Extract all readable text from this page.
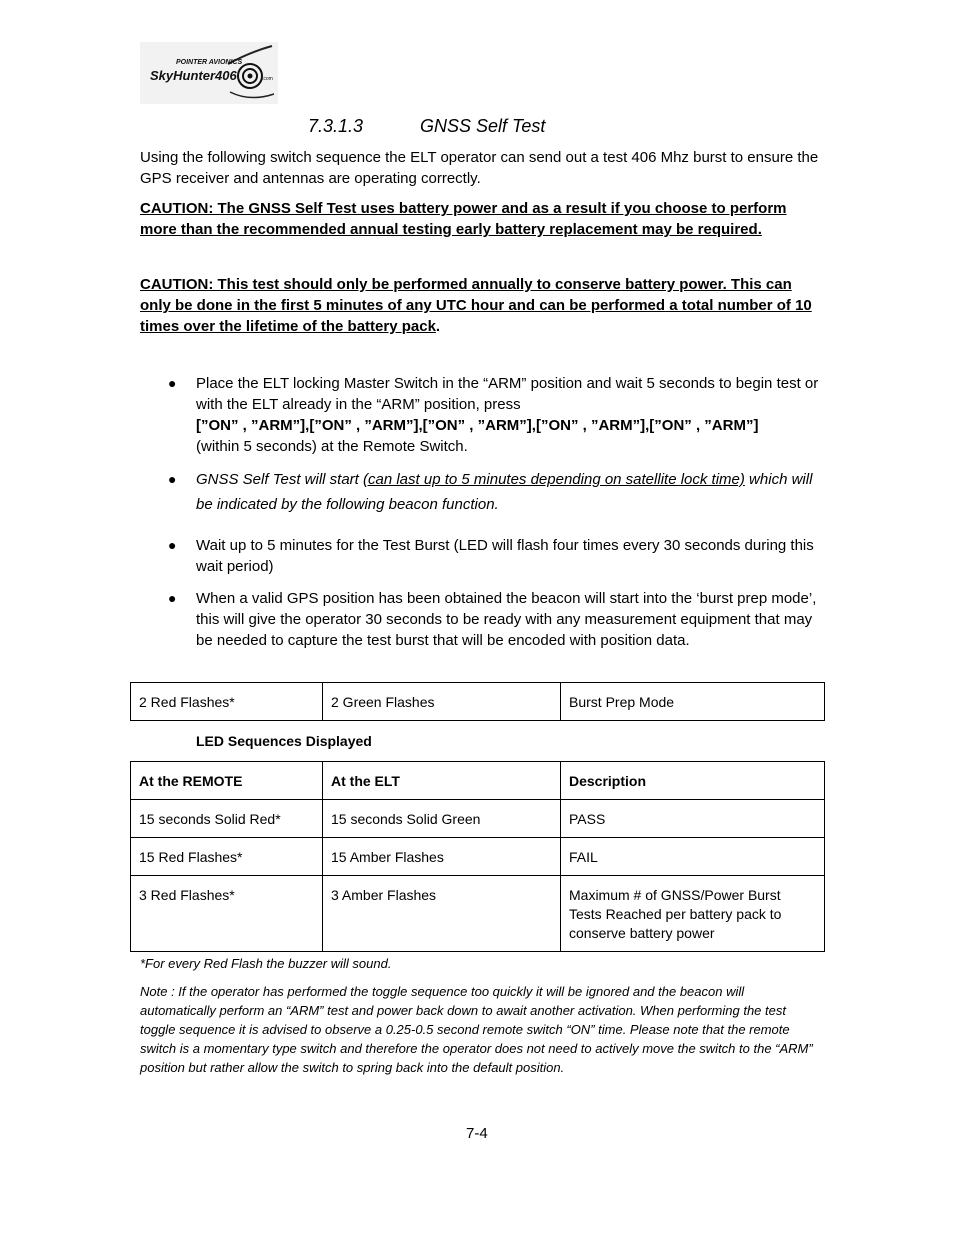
POINTER AVIONICS
SkyHunter406	.com
7.3.1.3	GNSS Self Test
Using the following switch sequence the ELT operator can send out a test 406 Mhz burst to ensure the GPS receiver and antennas are operating correctly.
CAUTION: The GNSS Self Test uses battery power and as a result if you choose to perform more than the recommended annual testing early battery replacement may be required.
CAUTION: This test should only be performed annually to conserve battery power. This can only be done in the first 5 minutes of any UTC hour and can be performed a total number of 10 times over the lifetime of the battery pack.
● Place the ELT locking Master Switch in the “ARM” position and wait 5 seconds to begin test or with the ELT already in the “ARM” position, press
[”ON” , ”ARM”],[”ON” , ”ARM”],[”ON” , ”ARM”],[”ON” , ”ARM”],[”ON” , ”ARM”]
(within 5 seconds) at the Remote Switch.
● GNSS Self Test will start (can last up to 5 minutes depending on satellite lock time) which will be indicated by the following beacon function.
● Wait up to 5 minutes for the Test Burst (LED will flash four times every 30 seconds during this wait period)
● When a valid GPS position has been obtained the beacon will start into the ‘burst prep mode’, this will give the operator 30 seconds to be ready with any measurement equipment that may be needed to capture the test burst that will be encoded with position data.
2 Red Flashes*	2 Green Flashes	Burst Prep Mode
LED Sequences Displayed
At the REMOTE	At the ELT	Description
15 seconds Solid Red*	15 seconds Solid Green	PASS
15 Red Flashes*	15 Amber Flashes	FAIL
3 Red Flashes*	3 Amber Flashes	Maximum # of GNSS/Power Burst Tests Reached per battery pack to conserve battery power
*For every Red Flash the buzzer will sound.
Note : If the operator has performed the toggle sequence too quickly it will be ignored and the beacon will automatically perform an “ARM” test and power back down to await another activation. When performing the test toggle sequence it is advised to observe a 0.25-0.5 second remote switch “ON” time. Please note that the remote switch is a momentary type switch and therefore the operator does not need to actively move the switch to the “ARM” position but rather allow the switch to spring back into the default position.
7-4
